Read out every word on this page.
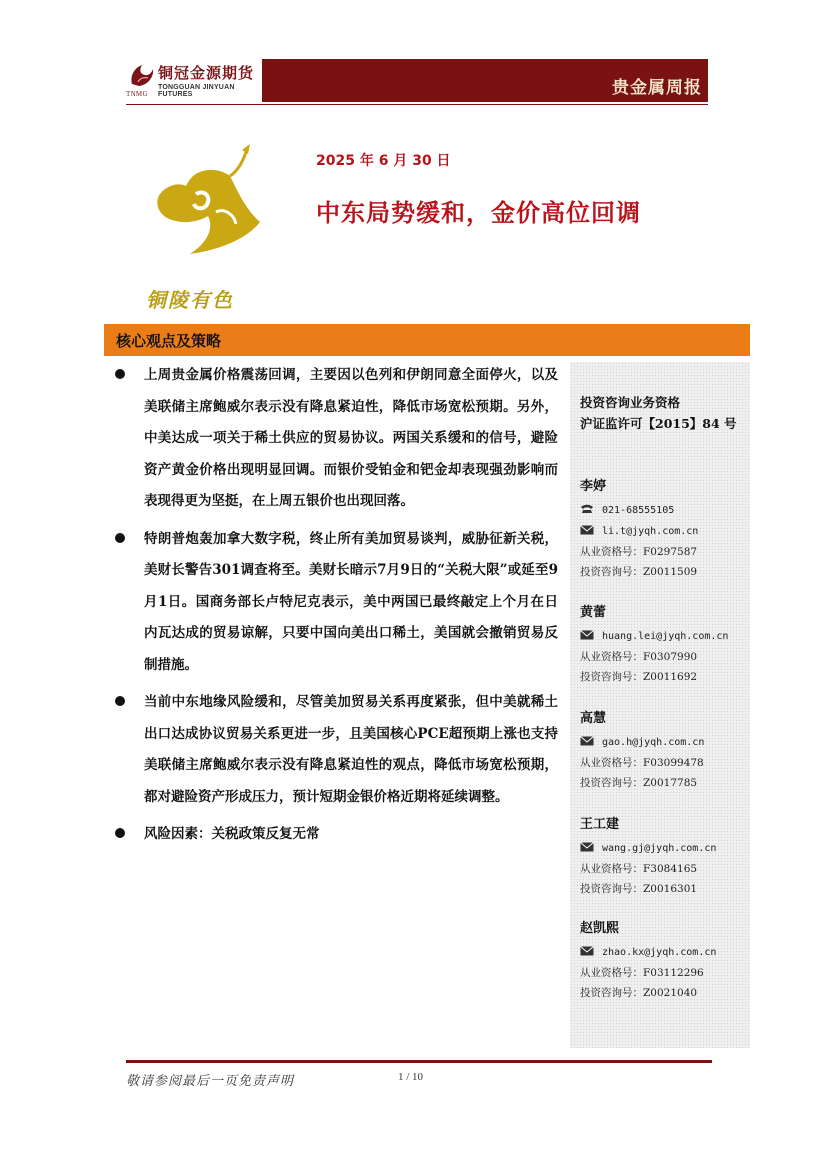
TNMG
铜冠金源期货
TONGGUAN JINYUAN FUTURES	贵金属周报
铜陵有色
2025 年 6 月 30 日
中东局势缓和，金价高位回调
核心观点及策略

上周贵金属价格震荡回调，主要因以色列和伊朗同意全面停火，以及美联储主席鲍威尔表示没有降息紧迫性，降低市场宽松预期。另外，中美达成一项关于稀土供应的贸易协议。两国关系缓和的信号，避险资产黄金价格出现明显回调。而银价受铂金和钯金却表现强劲影响而表现得更为坚挺，在上周五银价也出现回落。

特朗普炮轰加拿大数字税，终止所有美加贸易谈判，威胁征新关税，美财长警告301调查将至。美财长暗示7月9日的“关税大限”或延至9月1日。国商务部长卢特尼克表示，美中两国已最终敲定上个月在日内瓦达成的贸易谅解，只要中国向美出口稀土，美国就会撤销贸易反制措施。

当前中东地缘风险缓和，尽管美加贸易关系再度紧张，但中美就稀土出口达成协议贸易关系更进一步，且美国核心PCE超预期上涨也支持美联储主席鲍威尔表示没有降息紧迫性的观点，降低市场宽松预期，都对避险资产形成压力，预计短期金银价格近期将延续调整。

风险因素：关税政策反复无常

投资咨询业务资格
沪证监许可【2015】84 号
李婷
021-68555105
li.t@jyqh.com.cn
从业资格号：F0297587
投资咨询号：Z0011509
黄蕾
huang.lei@jyqh.com.cn
从业资格号：F0307990
投资咨询号：Z0011692
高慧
gao.h@jyqh.com.cn
从业资格号：F03099478
投资咨询号：Z0017785
王工建
wang.gj@jyqh.com.cn
从业资格号：F3084165
投资咨询号：Z0016301
赵凯熙
zhao.kx@jyqh.com.cn
从业资格号：F03112296
投资咨询号：Z0021040
敬请参阅最后一页免责声明	1 / 10
